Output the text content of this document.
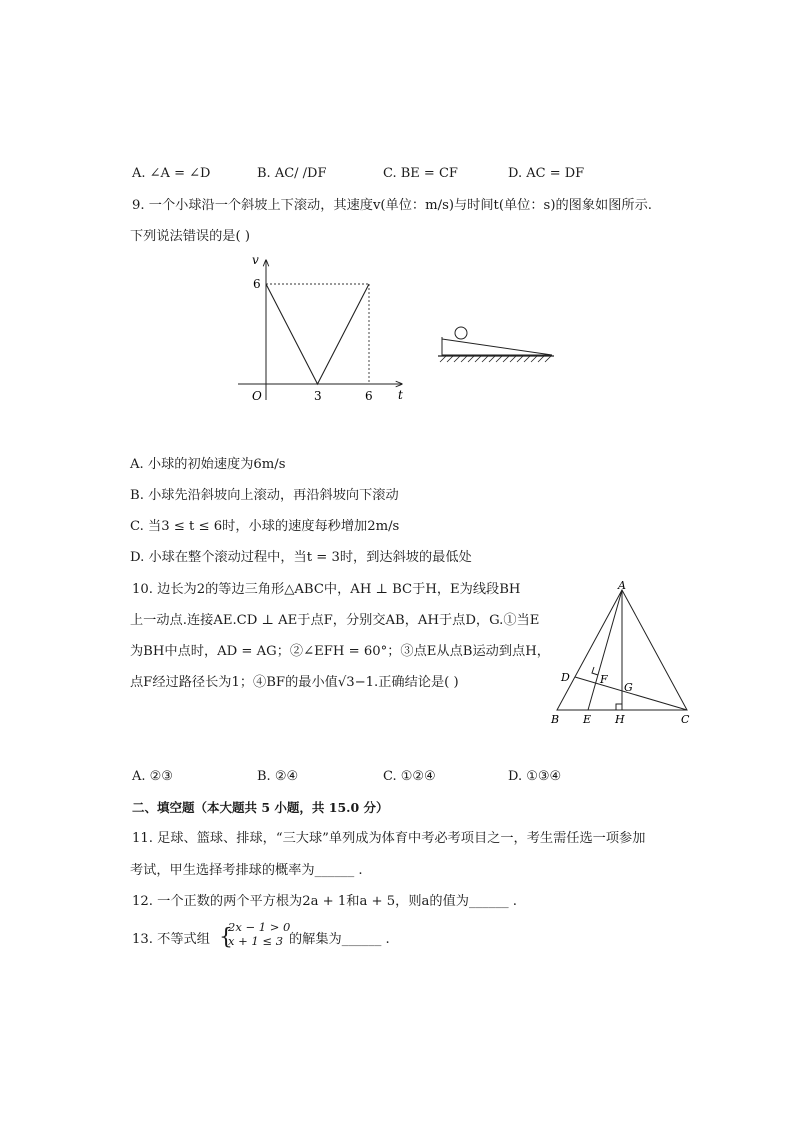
A. ∠A = ∠D	B. AC/ /DF	C. BE = CF	D. AC = DF
9. 一个小球沿一个斜坡上下滚动，其速度v(单位：m/s)与时间t(单位：s)的图象如图所示.
下列说法错误的是( )
v
t
O
6
3	6
A. 小球的初始速度为6m/s
B. 小球先沿斜坡向上滚动，再沿斜坡向下滚动
C. 当3 ≤ t ≤ 6时，小球的速度每秒增加2m/s
D. 小球在整个滚动过程中，当t = 3时，到达斜坡的最低处
10. 边长为2的等边三角形△ABC中，AH ⊥ BC于H，E为线段BH
上一动点.连接AE.CD ⊥ AE于点F，分别交AB，AH于点D，G.①当E
为BH中点时，AD = AG；②∠EFH = 60°；③点E从点B运动到点H，
点F经过路径长为1；④BF的最小值√3−1.正确结论是( )
A
B	C
D
E
F
G
H
A. ②③	B. ②④	C. ①②④	D. ①③④
二、填空题（本大题共 5 小题，共 15.0 分）
11. 足球、篮球、排球，“三大球”单列成为体育中考必考项目之一，考生需任选一项参加
考试，甲生选择考排球的概率为______ .
12. 一个正数的两个平方根为2a + 1和a + 5，则a的值为______ .
13. 不等式组 {
2x − 1 > 0
x + 1 ≤ 3 的解集为______ .
